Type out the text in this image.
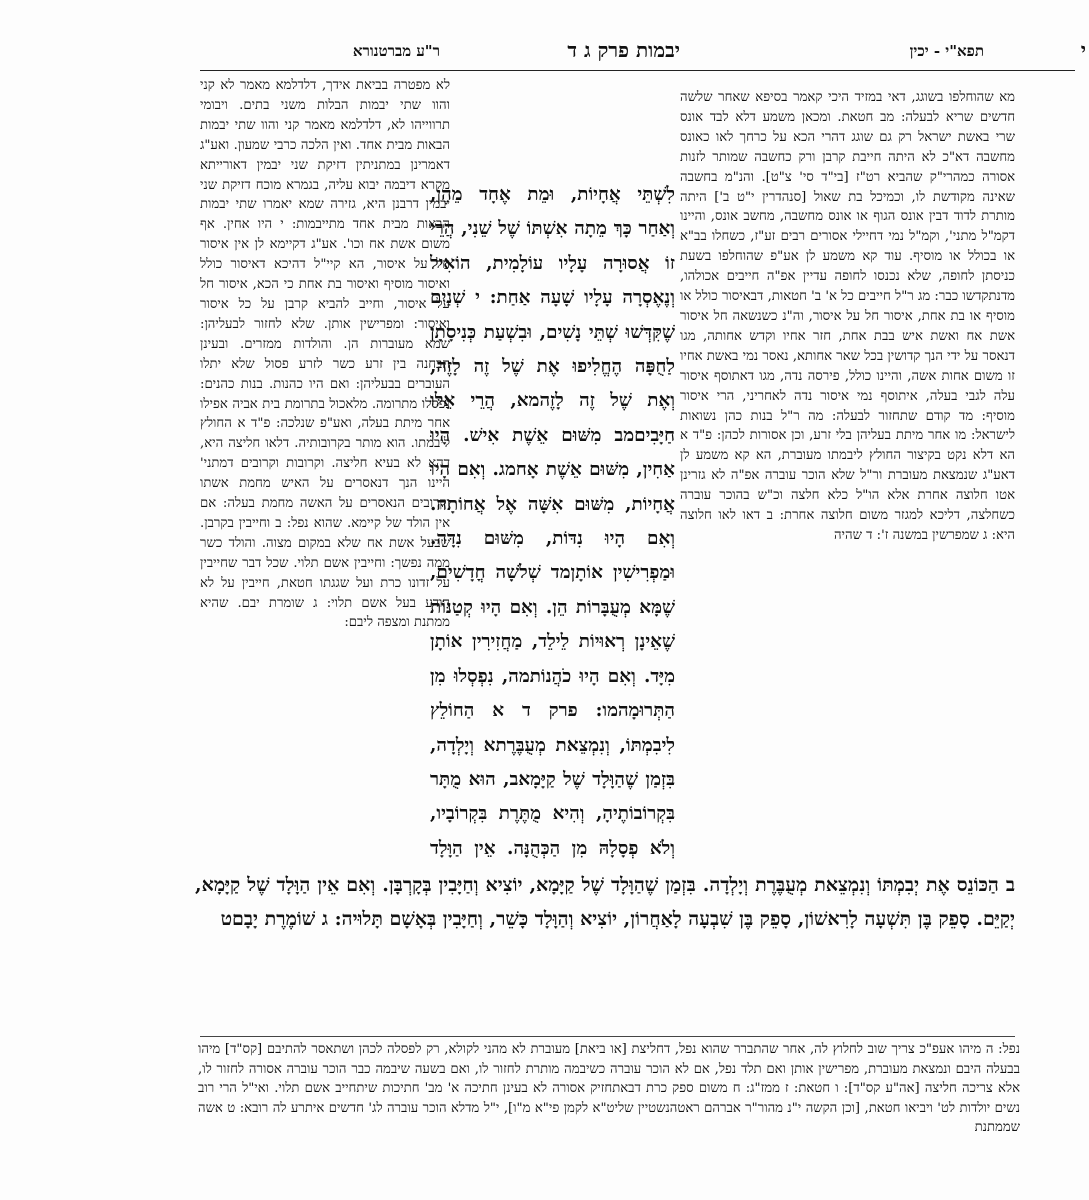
י
תפא"י - יכין
יבמות פרק ג ד
ר"ע מברטנורא

מא שהוחלפו בשוגג, דאי במזיד היכי קאמר בסיפא שאחר שלשה חדשים שריא לבעלה: מב חטאת. ומכאן משמע דלא לבד אונס שרי באשת ישראל רק גם שוגג דהרי הכא על כרחך לאו כאונס מחשבה דא"כ לא היתה חייבת קרבן ורק כחשבה שמותר לזנות אסורה כמהרי"ק שהביא רט"ז [בי"ד סי' צ"ט]. והנ"מ בחשבה שאינה מקודשת לו, וכמיכל בת שאול [סנהדרין י"ט ב'] היתה מותרת לדוד דבין אונס הגוף או אונס מחשבה, מחשב אונס, והיינו דקמ"ל מתני', וקמ"ל נמי דחיילי אסורים רבים זע"ז, כשחלו בב"א או בכולל או מוסיף. עוד קא משמע לן אע"פ שהוחלפו בשעת כניסתן לחופה, שלא נכנסו לחופה עדיין אפ"ה חייבים אכולהו, מדנתקדשו כבר: מג ר"ל חייבים כל א' ב' חטאות, דבאיסור כולל או מוסיף או בת אחת, איסור חל על איסור, וה"נ כשנשאה חל איסור אשת אח ואשת איש בבת אחת, חזר אחיו וקדש אחותה, מגו דנאסר על ידי הנך קדושין בכל שאר אחותא, נאסר נמי באשת אחיו זו משום אחות אשה, והיינו כולל, פירסה נדה, מגו דאתוסף איסור עלה לגבי בעלה, איתוסף נמי איסור נדה לאחריני, הרי איסור מוסיף: מד קודם שתחזור לבעלה: מה ר"ל בנות כהן נשואות לישראל: מו אחר מיתת בעליהן בלי זרע, וכן אסורות לכהן: פ"ד א הא דלא נקט בקיצור החולץ ליבמתו מעוברת, הא קא משמע לן דאע"ג שנמצאת מעוברת ור"ל שלא הוכר עוברה אפ"ה לא גזרינן אטו חלוצה אחרת אלא הו"ל כלא חלצה וכ"ש בהוכר עוברה כשחלצה, דליכא למגזר משום חלוצה אחרת: ב דאו לאו חלוצה היא: ג שמפרשין במשנה ז': ד שהיה

לא מפטרה בביאת אידך, דלדלמא מאמר לא קני והוו שתי יבמות הבלות משני בתים. ויבומי תרווייהו לא, דלדלמא מאמר קני והוו שתי יבמות הבאות מבית אחד. ואין הלכה כרבי שמעון. ואע"ג דאמרינן במתניתין דזיקת שני יבמין דאורייתא מקרא דיבמה יבוא עליה, בגמרא מוכח דזיקת שני יבמין דרבנן היא, גזירה שמא יאמרו שתי יבמות הבאות מבית אחד מתייבמות: י היו אחין. אף משום אשת אח וכו'. אע"ג דקיימא לן אין איסור חל על איסור, הא קיי"ל דהיכא דאיסור כולל ואיסור מוסיף ואיסור בת אחת כי הכא, איסור חל על איסור, וחייב להביא קרבן על כל איסור ואיסור: ומפרישין אותן. שלא לחזור לבעליהן: שמא מעוברות הן. והולדות ממזרים. ובעינן הבחנה בין זרע כשר לזרע פסול שלא יתלו העוברים בבעליהן: ואם היו כהנות. בנות כהנים: נפסלו מתרומה. מלאכול בתרומת בית אביה אפילו אחר מיתת בעלה, ואע"פ שנלכה: פ"ד א החולץ ליבמתו. הוא מותר בקרובותיה. דלאו חליצה היא, דהא לא בעיא חליצה. וקרובות וקרובים דמתני' היינו הנך דנאסרים על האיש מחמת אשתו וקרובים הנאסרים על האשה מחמת בעלה: אם אין הולד של קיימא. שהוא נפל: ב וחייבין בקרבן. שבעל אשת אח שלא במקום מצוה. והולד כשר ממה נפשך: וחייבין אשם תלוי. שכל דבר שחייבין על זדונו כרת ועל שגגתו חטאת, חייבין על לא הודע בעל אשם תלוי: ג שומרת יבם. שהיא ממתנת ומצפה ליבם:

לִשְׁתֵּי אֲחָיוֹת, וּמֵת אֶחָד מֵהֶן, וְאַחַר כָּךְ מֵתָה אִשְׁתּוֹ שֶׁל שֵׁנִי, הֲרֵי זוֹ אֲסוּרָה עָלָיו עוֹלָמִית, הוֹאִיל וְנֶאֶסְרָה עָלָיו שָׁעָה אַחַת: י שְׁנַיִם שֶׁקִּדְּשׁוּ שְׁתֵּי נָשִׁים, וּבִשְׁעַת כְּנִיסָתָן לַחֻפָּה הֶחֱלִיפוּ אֶת שֶׁל זֶה לָזֶה, וְאֶת שֶׁל זֶה לָזֶהמא, הֲרֵי אֵלּוּ חַיָּבִיםמב מִשּׁוּם אֵשֶׁת אִישׁ. הָיוּ אַחִין, מִשּׁוּם אֵשֶׁת אָחמג. וְאִם הָיוּ אֲחָיוֹת, מִשּׁוּם אִשָּׁה אֶל אֲחוֹתָהּ. וְאִם הָיוּ נִדּוֹת, מִשּׁוּם נִדָּה. וּמַפְרִישִׁין אוֹתָןמד שְׁלֹשָׁה חֳדָשִׁים, שֶׁמָּא מְעֻבָּרוֹת הֵן. וְאִם הָיוּ קְטַנּוֹת שֶׁאֵינָן רְאוּיוֹת לֵילֵד, מַחֲזִירִין אוֹתָן מִיָּד. וְאִם הָיוּ כֹהֲנוֹתמה, נִפְסְלוּ מִן הַתְּרוּמָהמו: פרק ד א הַחוֹלֵץ לִיבִמְתּוֹ, וְנִמְצֵאת מְעֻבֶּרֶתא וְיָלְדָה, בִּזְמַן שֶׁהַוָּלָד שֶׁל קַיָּמָאב, הוּא מֻתָּר בִּקְרוֹבוֹתֶיהָ, וְהִיא מֻתֶּרֶת בִּקְרוֹבָיו, וְלֹא פְסָלָהּ מִן הַכְּהֻנָּה. אֵין הַוָּלָד

ב הַכּוֹנֵס אֶת יְבִמְתּוֹ וְנִמְצֵאת מְעֻבֶּרֶת וְיָלְדָה. בִּזְמַן שֶׁהַוָּלָד שֶׁל קַיָּמָא, יוֹצִיא וְחַיָּבִין בְּקָרְבָּן. וְאִם אֵין הַוָּלָד שֶׁל קַיָּמָא, יְקַיֵּם. סָפֵק בֶּן תִּשְׁעָה לָרִאשׁוֹן, סָפֵק בֶּן שִׁבְעָה לָאַחֲרוֹן, יוֹצִיא וְהַוָּלָד כָּשֵׁר, וְחַיָּבִין בְּאָשָׁם תָּלוּיה: ג שׁוֹמֶרֶת יָבָםט
נפל: ה מיהו אעפ"כ צריך שוב לחלוץ לה, אחר שהתברר שהוא נפל, דחליצת [או ביאת] מעוברת לא מהני לקולא, רק לפסלה לכהן ושתאסר להתיבם [קס"ד] מיהו בבעלה היבם ונמצאת מעוברת, מפרישין אותן ואם תלד נפל, אם לא הוכר עוברה כשיבמה מותרת לחזור לו, ואם בשעה שיבמה כבר הוכר עוברה אסורה לחזור לו, אלא צריכה חליצה [אה"ע קס"ד]: ו חטאת: ז ממז"ג: ח משום ספק כרת דבאתחזיק אסורה לא בעינן חתיכה א' מב' חתיכות שיתחייב אשם תלוי. ואי"ל הרי רוב נשים יולדות לט' ויביאו חטאת, [וכן הקשה י"נ מהור"ר אברהם ראטהנשטיין שליט"א לקמן פי"א מ"ו], י"ל מדלא הוכר עוברה לג' חדשים איתרע לה רובא: ט אשה שממתנת
